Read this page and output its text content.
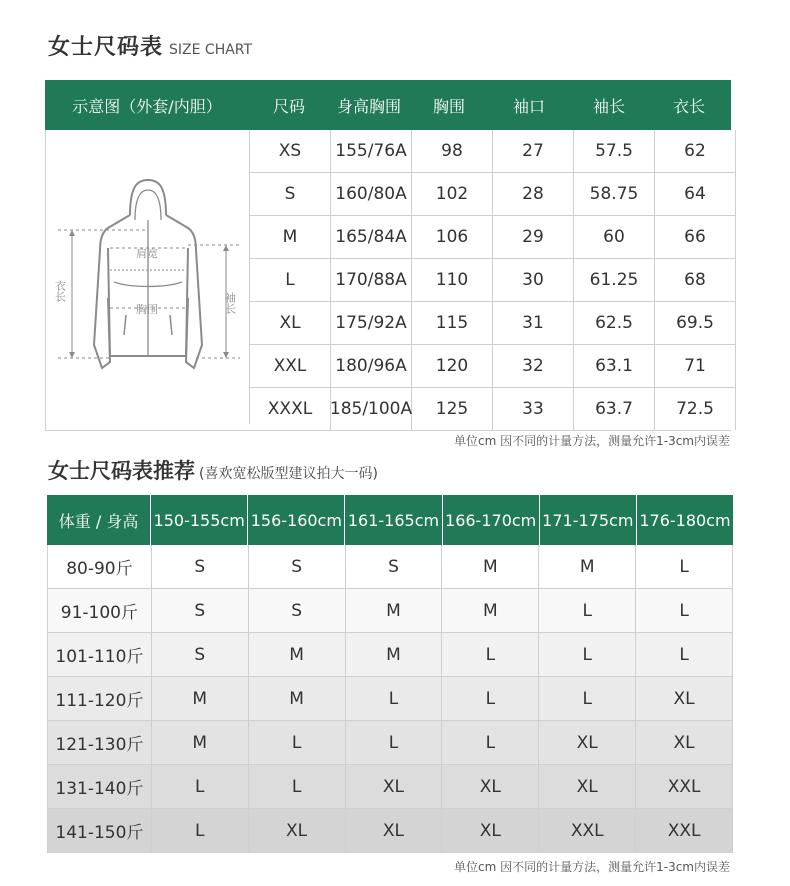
女士尺码表 SIZE CHART
示意图（外套/内胆）	尺码	身高胸围	胸围	袖口	袖长	衣长
衣长
袖长
肩宽
胸围
XS	155/76A	98	27	57.5	62
S	160/80A	102	28	58.75	64
M	165/84A	106	29	60	66
L	170/88A	110	30	61.25	68
XL	175/92A	115	31	62.5	69.5
XXL	180/96A	120	32	63.1	71
XXXL	185/100A	125	33	63.7	72.5
单位cm 因不同的计量方法，测量允许1-3cm内误差
女士尺码表推荐 (喜欢宽松版型建议拍大一码)
体重 / 身高 150-155cm 156-160cm 161-165cm 166-170cm 171-175cm 176-180cm
80-90斤	S	S	S	M	M	L
91-100斤	S	S	M	M	L	L
101-110斤	S	M	M	L	L	L
111-120斤	M	M	L	L	L	XL
121-130斤	M	L	L	L	XL	XL
131-140斤	L	L	XL	XL	XL	XXL
141-150斤	L	XL	XL	XL	XXL	XXL
单位cm 因不同的计量方法，测量允许1-3cm内误差
